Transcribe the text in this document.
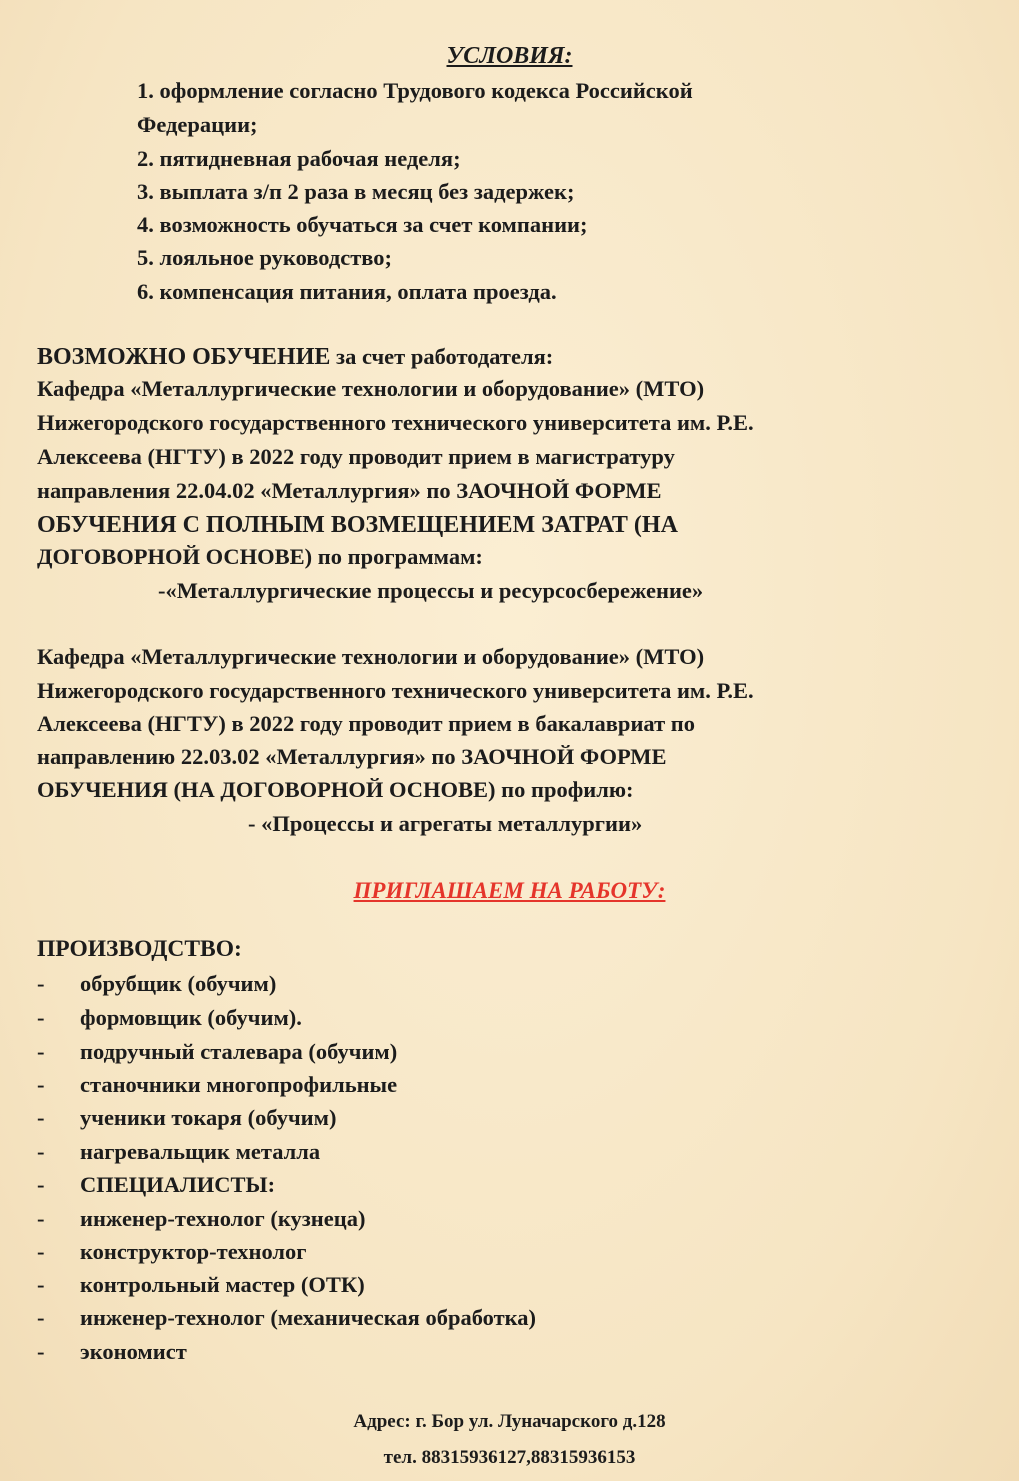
УСЛОВИЯ:
1. оформление согласно Трудового кодекса Российской
Федерации;
2. пятидневная рабочая неделя;
3. выплата з/п 2 раза в месяц без задержек;
4. возможность обучаться за счет компании;
5. лояльное руководство;
6. компенсация питания, оплата проезда.
ВОЗМОЖНО ОБУЧЕНИЕ за счет работодателя:
Кафедра «Металлургические технологии и оборудование» (МТО)
Нижегородского государственного технического университета им. Р.Е.
Алексеева (НГТУ) в 2022 году проводит прием в магистратуру
направления 22.04.02 «Металлургия» по ЗАОЧНОЙ ФОРМЕ
ОБУЧЕНИЯ С ПОЛНЫМ ВОЗМЕЩЕНИЕМ ЗАТРАТ (НА
ДОГОВОРНОЙ ОСНОВЕ) по программам:
-«Металлургические процессы и ресурсосбережение»
Кафедра «Металлургические технологии и оборудование» (МТО)
Нижегородского государственного технического университета им. Р.Е.
Алексеева (НГТУ) в 2022 году проводит прием в бакалавриат по
направлению 22.03.02 «Металлургия» по ЗАОЧНОЙ ФОРМЕ
ОБУЧЕНИЯ (НА ДОГОВОРНОЙ ОСНОВЕ) по профилю:
- «Процессы и агрегаты металлургии»
ПРИГЛАШАЕМ НА РАБОТУ:
ПРОИЗВОДСТВО:
- обрубщик (обучим)
- формовщик (обучим).
- подручный сталевара (обучим)
- станочники многопрофильные
- ученики токаря (обучим)
- нагревальщик металла
- СПЕЦИАЛИСТЫ:
- инженер-технолог (кузнеца)
- конструктор-технолог
- контрольный мастер (ОТК)
- инженер-технолог (механическая обработка)
- экономист
Адрес: г. Бор ул. Луначарского д.128
тел. 88315936127,88315936153
